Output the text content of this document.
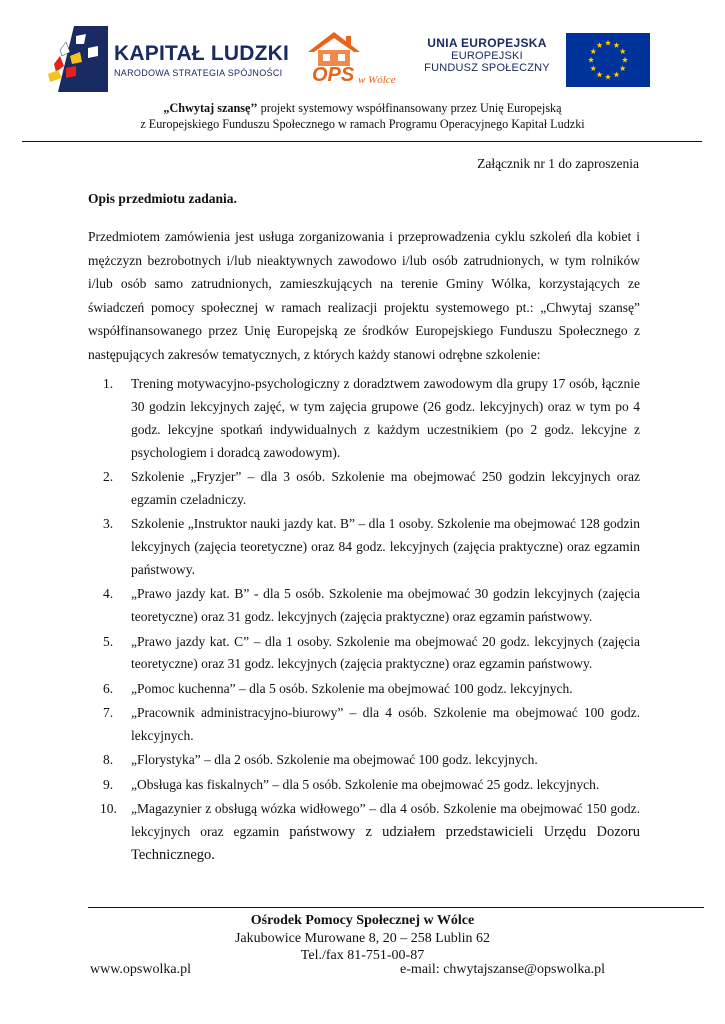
KAPITAŁ LUDZKI
NARODOWA STRATEGIA SPÓJNOŚCI OPS w Wólce
UNIA EUROPEJSKA
EUROPEJSKI
FUNDUSZ SPOŁECZNY
„Chwytaj szansę’’ projekt systemowy współfinansowany przez Unię Europejską
z Europejskiego Funduszu Społecznego w ramach Programu Operacyjnego Kapitał Ludzki
Załącznik nr 1 do zaproszenia
Opis przedmiotu zadania.
Przedmiotem zamówienia jest usługa zorganizowania i przeprowadzenia cyklu szkoleń dla kobiet i mężczyzn bezrobotnych i/lub nieaktywnych zawodowo i/lub osób zatrudnionych, w tym rolników i/lub osób samo zatrudnionych, zamieszkujących na terenie Gminy Wólka, korzystających ze świadczeń pomocy społecznej w ramach realizacji projektu systemowego pt.: „Chwytaj szansę” współfinansowanego przez Unię Europejską ze środków Europejskiego Funduszu Społecznego z następujących zakresów tematycznych, z których każdy stanowi odrębne szkolenie:
1.	Trening motywacyjno-psychologiczny z doradztwem zawodowym dla grupy 17 osób, łącznie 30 godzin lekcyjnych zajęć, w tym zajęcia grupowe (26 godz. lekcyjnych) oraz w tym po 4 godz. lekcyjne spotkań indywidualnych z każdym uczestnikiem (po 2 godz. lekcyjne z psychologiem i doradcą zawodowym).
2.	Szkolenie „Fryzjer” – dla 3 osób. Szkolenie ma obejmować 250 godzin lekcyjnych oraz egzamin czeladniczy.
3.	Szkolenie „Instruktor nauki jazdy kat. B” – dla 1 osoby. Szkolenie ma obejmować 128 godzin lekcyjnych (zajęcia teoretyczne) oraz 84 godz. lekcyjnych (zajęcia praktyczne) oraz egzamin państwowy.
4.	„Prawo jazdy kat. B” - dla 5 osób. Szkolenie ma obejmować 30 godzin lekcyjnych (zajęcia teoretyczne) oraz 31 godz. lekcyjnych (zajęcia praktyczne) oraz egzamin państwowy.
5.	„Prawo jazdy kat. C” – dla 1 osoby. Szkolenie ma obejmować 20 godz. lekcyjnych (zajęcia teoretyczne) oraz 31 godz. lekcyjnych (zajęcia praktyczne) oraz egzamin państwowy.
6.	„Pomoc kuchenna” – dla 5 osób. Szkolenie ma obejmować 100 godz. lekcyjnych.
7.	„Pracownik administracyjno-biurowy” – dla 4 osób. Szkolenie ma obejmować 100 godz. lekcyjnych.
8.	„Florystyka” – dla 2 osób. Szkolenie ma obejmować 100 godz. lekcyjnych.
9.	„Obsługa kas fiskalnych” – dla 5 osób. Szkolenie ma obejmować 25 godz. lekcyjnych.
10.	„Magazynier z obsługą wózka widłowego” – dla 4 osób. Szkolenie ma obejmować 150 godz. lekcyjnych oraz egzamin państwowy z udziałem przedstawicieli Urzędu Dozoru Technicznego.
Ośrodek Pomocy Społecznej w Wólce
Jakubowice Murowane 8, 20 – 258 Lublin 62
Tel./fax 81-751-00-87
www.opswolka.pl	e-mail: chwytajszanse@opswolka.pl
